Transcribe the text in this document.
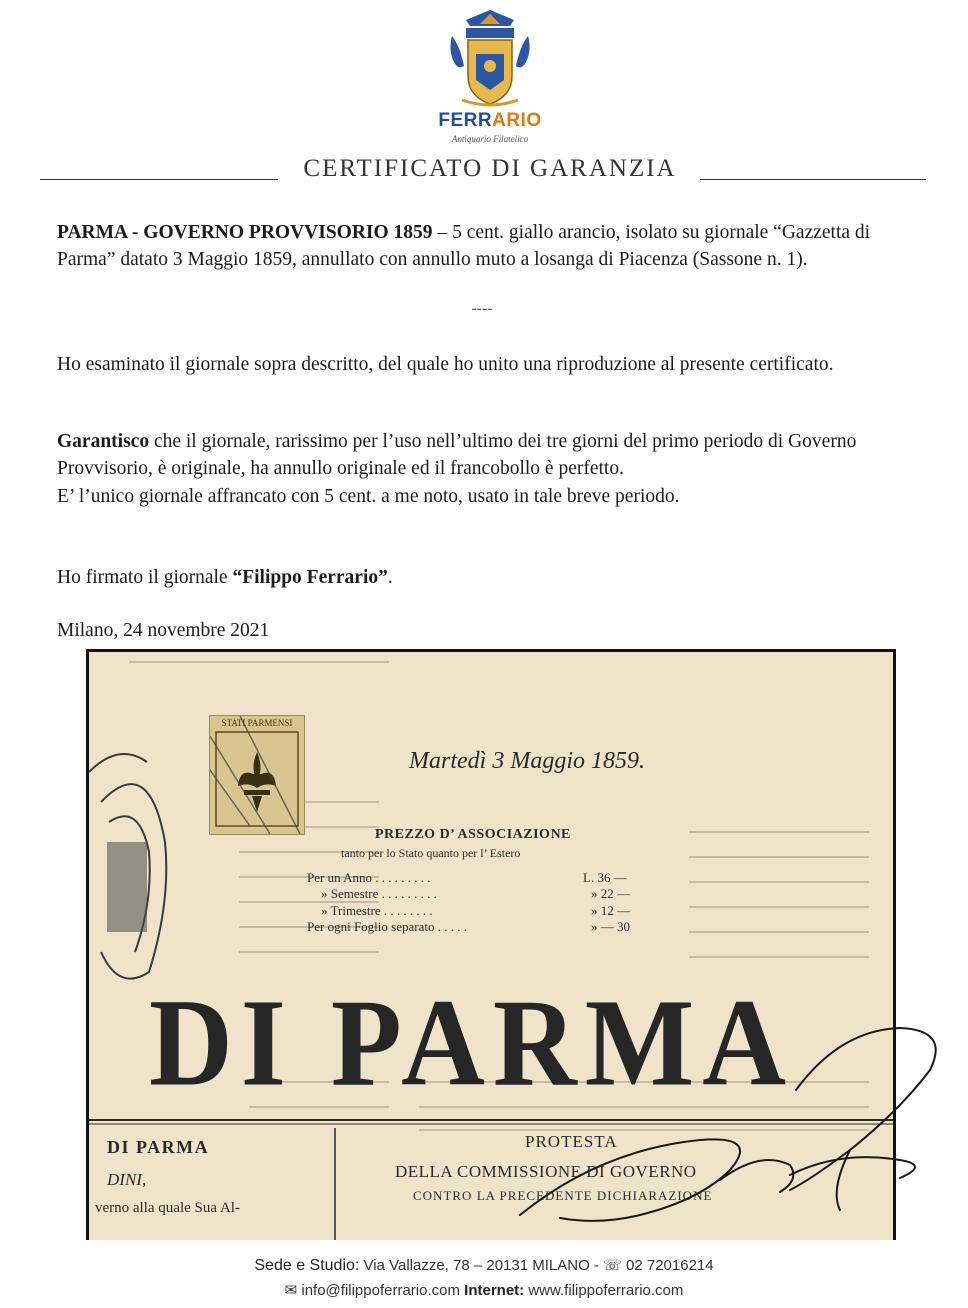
FERRARIO
Antiquario Filatelico
CERTIFICATO DI GARANZIA
PARMA - GOVERNO PROVVISORIO 1859 – 5 cent. giallo arancio, isolato su giornale “Gazzetta di Parma” datato 3 Maggio 1859, annullato con annullo muto a losanga di Piacenza (Sassone n. 1).
----
Ho esaminato il giornale sopra descritto, del quale ho unito una riproduzione al presente certificato.
Garantisco che il giornale, rarissimo per l’uso nell’ultimo dei tre giorni del primo periodo di Governo Provvisorio, è originale, ha annullo originale ed il francobollo è perfetto.
E’ l’unico giornale affrancato con 5 cent. a me noto, usato in tale breve periodo.
Ho firmato il giornale “Filippo Ferrario”.
Milano, 24 novembre 2021
STATI PARMENSI
Martedì 3 Maggio 1859.
PREZZO D’ ASSOCIAZIONE
tanto per lo Stato quanto per l’ Estero
Per un Anno . . . . . . . . .	L. 36 —
» Semestre . . . . . . . . .	» 22 —
» Trimestre . . . . . . . .	» 12 —
Per ogni Foglio separato . . . . .	» — 30
DI PARMA
DI PARMA
DINI,
verno alla quale Sua Al-
PROTESTA
DELLA COMMISSIONE DI GOVERNO
CONTRO LA PRECEDENTE DICHIARAZIONE
Sede e Studio: Via Vallazze, 78 – 20131 MILANO - ☏ 02 72016214
✉ info@filippoferrario.com Internet: www.filippoferrario.com
